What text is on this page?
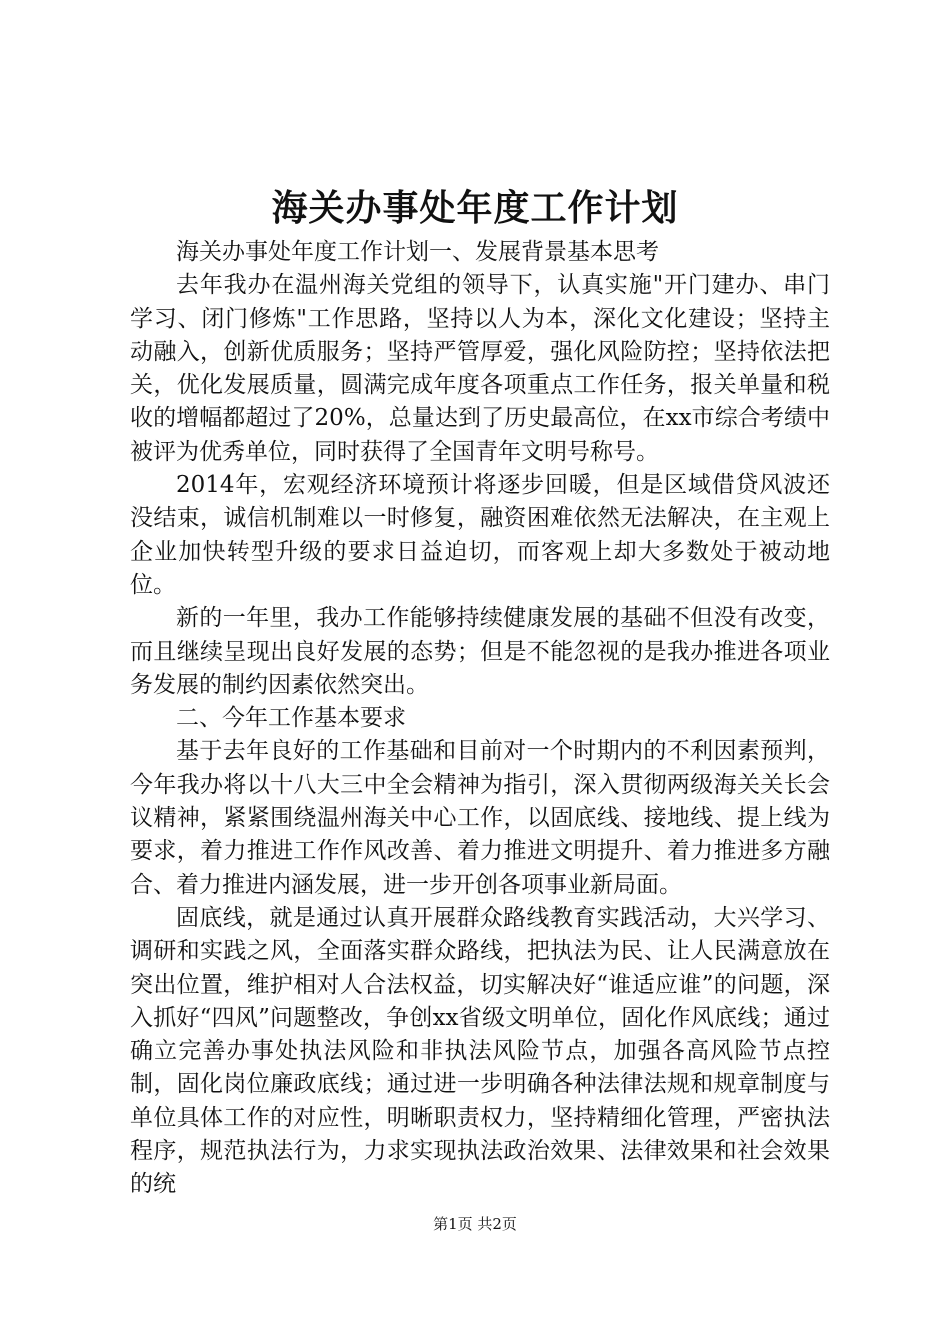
海关办事处年度工作计划

海关办事处年度工作计划一、发展背景基本思考

去年我办在温州海关党组的领导下，认真实施"开门建办、串门学习、闭门修炼"工作思路，坚持以人为本，深化文化建设；坚持主动融入，创新优质服务；坚持严管厚爱，强化风险防控；坚持依法把关，优化发展质量，圆满完成年度各项重点工作任务，报关单量和税收的增幅都超过了20%，总量达到了历史最高位，在xx市综合考绩中被评为优秀单位，同时获得了全国青年文明号称号。

2014年，宏观经济环境预计将逐步回暖，但是区域借贷风波还没结束，诚信机制难以一时修复，融资困难依然无法解决，在主观上企业加快转型升级的要求日益迫切，而客观上却大多数处于被动地位。

新的一年里，我办工作能够持续健康发展的基础不但没有改变，而且继续呈现出良好发展的态势；但是不能忽视的是我办推进各项业务发展的制约因素依然突出。

二、今年工作基本要求

基于去年良好的工作基础和目前对一个时期内的不利因素预判，今年我办将以十八大三中全会精神为指引，深入贯彻两级海关关长会议精神，紧紧围绕温州海关中心工作，以固底线、接地线、提上线为要求，着力推进工作作风改善、着力推进文明提升、着力推进多方融合、着力推进内涵发展，进一步开创各项事业新局面。

固底线，就是通过认真开展群众路线教育实践活动，大兴学习、调研和实践之风，全面落实群众路线，把执法为民、让人民满意放在突出位置，维护相对人合法权益，切实解决好“谁适应谁”的问题，深入抓好“四风”问题整改，争创xx省级文明单位，固化作风底线；通过确立完善办事处执法风险和非执法风险节点，加强各高风险节点控制，固化岗位廉政底线；通过进一步明确各种法律法规和规章制度与单位具体工作的对应性，明晰职责权力，坚持精细化管理，严密执法程序，规范执法行为，力求实现执法政治效果、法律效果和社会效果的统

第1页 共2页
